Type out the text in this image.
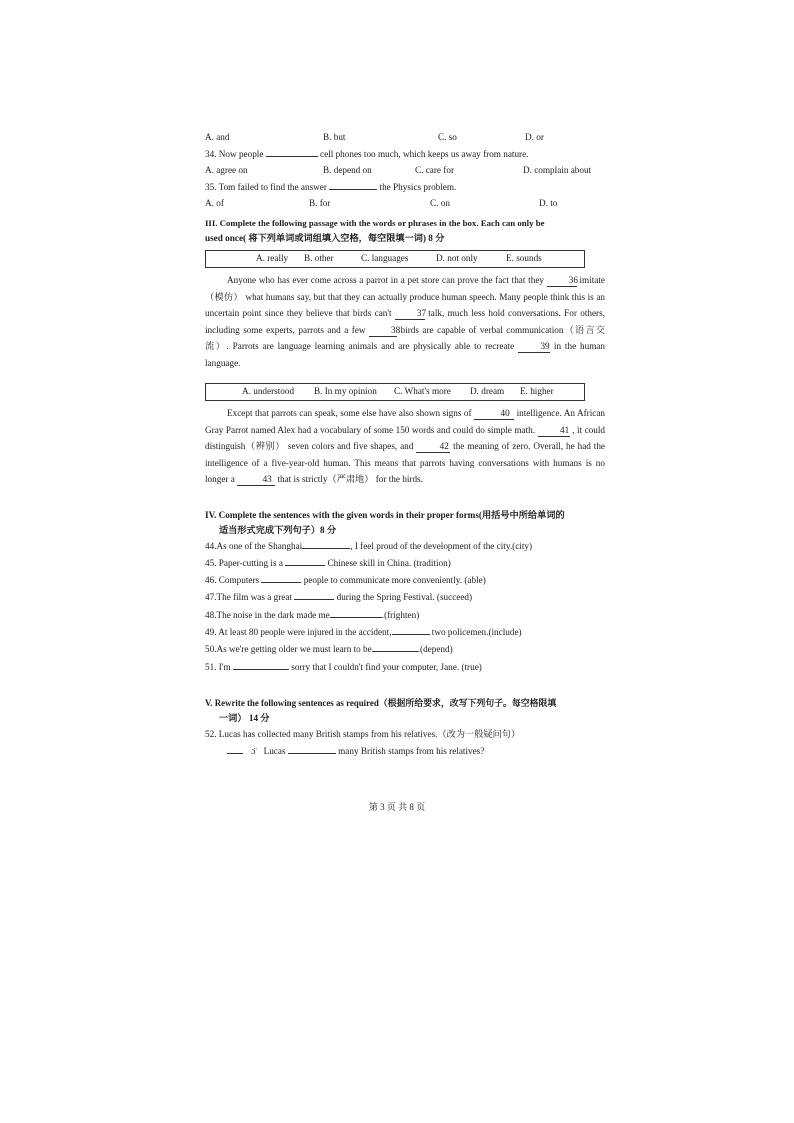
A. and	B. but	C. so	D. or
34. Now people	cell phones too much, which keeps us away from nature.
A. agree on	B. depend on	C. care for	D. complain about
35. Tom failed to find the answer	the Physics problem.
A. of	B. for	C. on	D. to
III. Complete the following passage with the words or phrases in the box. Each can only be
used once( 将下列单词或词组填入空格，每空限填一词) 8 分
A. really B. other	C. languages	D. not only	E. sounds

Anyone who has ever come across a parrot in a pet store can prove the fact that they	36 imitate（模仿） what humans say, but that they can actually produce human speech. Many people think this is an uncertain point since they believe that birds can't	37 talk, much less hold conversations. For others, including some experts, parrots and a few	38 birds are capable of verbal communication（语言交流）. Parrots are language learning animals and are physically able to recreate	39 in the human language.

A. understood B. In my opinion C. What's more D. dream E. higher

Except that parrots can speak, some else have also shown signs of	40 intelligence. An African Gray Parrot named Alex had a vocabulary of some 150 words and could do simple math.	41 , it could distinguish（辨别） seven colors and five shapes, and	42 the meaning of zero. Overall, he had the intelligence of a five-year-old human. This means that parrots having conversations with humans is no longer a	43 that is strictly（严肃地） for the birds.

IV. Complete the sentences with the given words in their proper forms(用括号中所给单词的
适当形式完成下列句子）8 分
44.As one of the Shanghai	, I feel proud of the development of the city.(city)
45. Paper-cutting is a	Chinese skill in China. (tradition)
46. Computers	people to communicate more conveniently. (able)
47.The film was a great	during the Spring Festival. (succeed)
48.The noise in the dark made me	.(frighten)
49. At least 80 people were injured in the accident,	two policemen.(include)
50.As we're getting older we must learn to be	.(depend)
51. I'm	sorry that I couldn't find your computer, Jane. (true)
V. Rewrite the following sentences as required（根据所给要求，改写下列句子。每空格限填
一词） 14 分
52. Lucas has collected many British stamps from his relatives.（改为一般疑问句）
ɔ̈ Lucas	many British stamps from his relatives?
第 3 页 共 8 页
